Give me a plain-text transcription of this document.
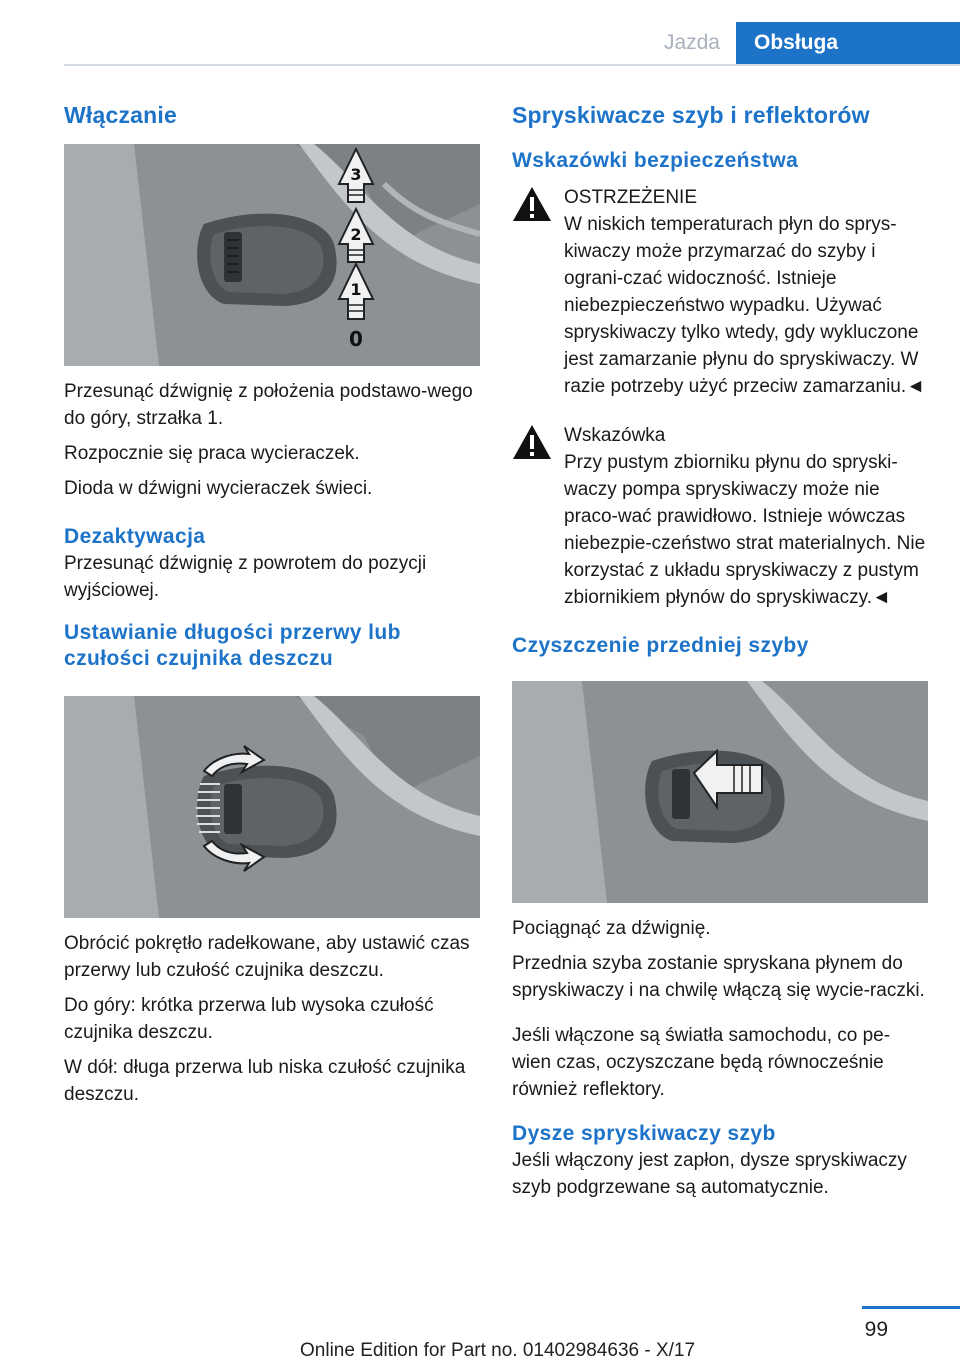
Jazda	Obsługa
Włączanie
3
2
1
0

Przesunąć dźwignię z położenia podstawo‐wego do góry, strzałka 1.

Rozpocznie się praca wycieraczek.

Dioda w dźwigni wycieraczek świeci.

Dezaktywacja

Przesunąć dźwignię z powrotem do pozycji wyjściowej.

Ustawianie długości przerwy lub czułości czujnika deszczu

Obrócić pokrętło radełkowane, aby ustawić czas przerwy lub czułość czujnika deszczu.

Do góry: krótka przerwa lub wysoka czułość czujnika deszczu.

W dół: długa przerwa lub niska czułość czujnika deszczu.

Spryskiwacze szyb i reflektorów
Wskazówki bezpieczeństwa
OSTRZEŻENIE
W niskich temperaturach płyn do sprys‐kiwaczy może przymarzać do szyby i ograni‐czać widoczność. Istnieje niebezpieczeństwo wypadku. Używać spryskiwaczy tylko wtedy, gdy wykluczone jest zamarzanie płynu do spryskiwaczy. W razie potrzeby użyć przeciw zamarzaniu.◄
Wskazówka
Przy pustym zbiorniku płynu do spryski‐waczy pompa spryskiwaczy może nie praco‐wać prawidłowo. Istnieje wówczas niebezpie‐czeństwo strat materialnych. Nie korzystać z układu spryskiwaczy z pustym zbiornikiem płynów do spryskiwaczy.◄
Czyszczenie przedniej szyby

Pociągnąć za dźwignię.

Przednia szyba zostanie spryskana płynem do spryskiwaczy i na chwilę włączą się wycie‐raczki.

Jeśli włączone są światła samochodu, co pe‐wien czas, oczyszczane będą równocześnie również reflektory.

Dysze spryskiwaczy szyb

Jeśli włączony jest zapłon, dysze spryskiwaczy szyb podgrzewane są automatycznie.

99
Online Edition for Part no. 01402984636 - X/17
